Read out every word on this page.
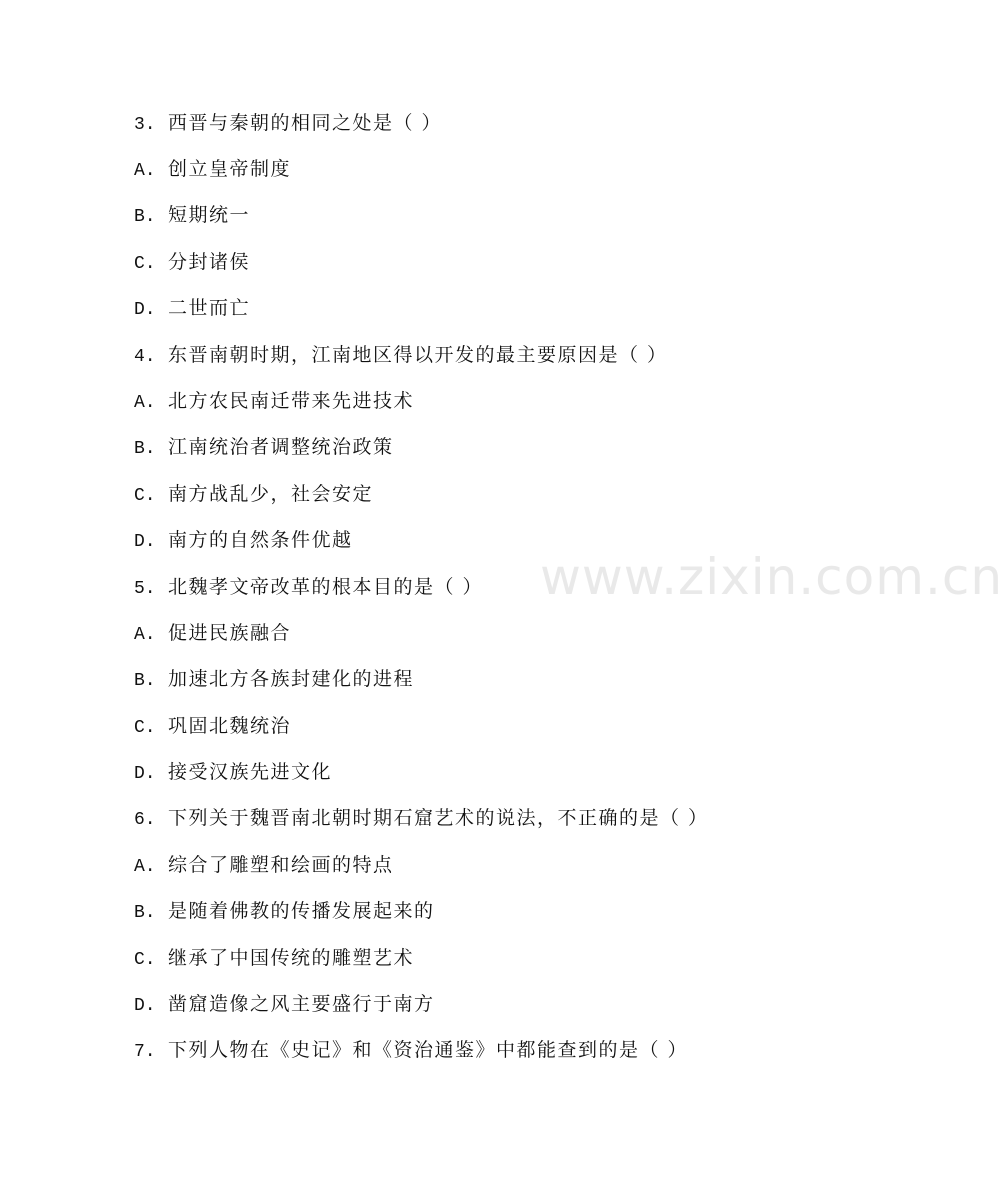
www.zixin.com.cn
3. 西晋与秦朝的相同之处是（ ）
A. 创立皇帝制度
B. 短期统一
C. 分封诸侯
D. 二世而亡
4. 东晋南朝时期，江南地区得以开发的最主要原因是（ ）
A. 北方农民南迁带来先进技术
B. 江南统治者调整统治政策
C. 南方战乱少，社会安定
D. 南方的自然条件优越
5. 北魏孝文帝改革的根本目的是（ ）
A. 促进民族融合
B. 加速北方各族封建化的进程
C. 巩固北魏统治
D. 接受汉族先进文化
6. 下列关于魏晋南北朝时期石窟艺术的说法，不正确的是（ ）
A. 综合了雕塑和绘画的特点
B. 是随着佛教的传播发展起来的
C. 继承了中国传统的雕塑艺术
D. 凿窟造像之风主要盛行于南方
7. 下列人物在《史记》和《资治通鉴》中都能查到的是（ ）
